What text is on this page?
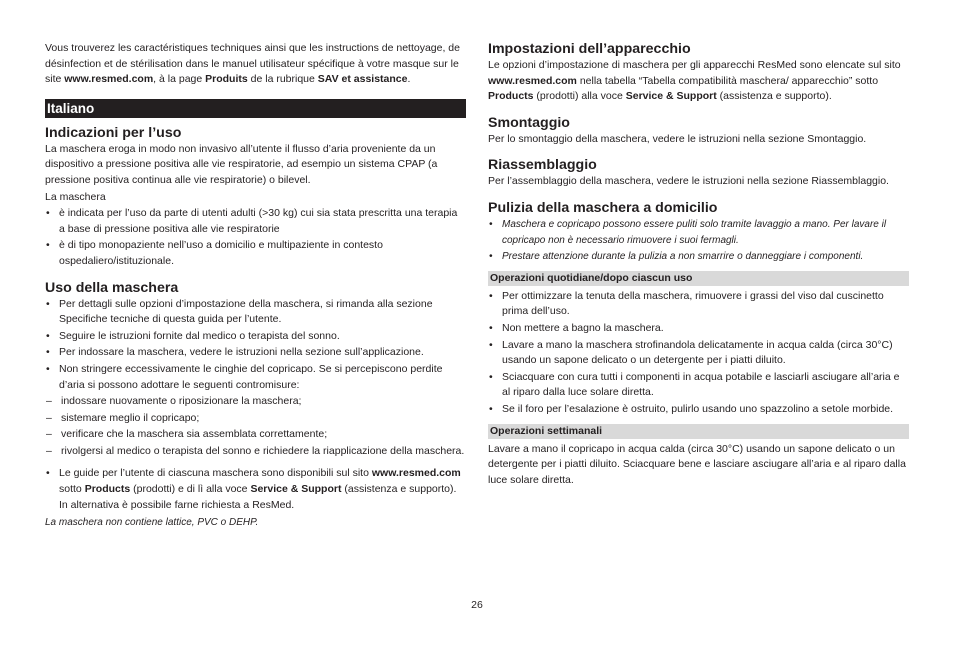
Vous trouverez les caractéristiques techniques ainsi que les instructions de nettoyage, de désinfection et de stérilisation dans le manuel utilisateur spécifique à votre masque sur le site www.resmed.com, à la page Produits de la rubrique SAV et assistance.

Italiano
Indicazioni per l’uso

La maschera eroga in modo non invasivo all’utente il flusso d’aria proveniente da un dispositivo a pressione positiva alle vie respiratorie, ad esempio un sistema CPAP (a pressione positiva continua alle vie respiratorie) o bilevel.

La maschera

• è indicata per l’uso da parte di utenti adulti (>30 kg) cui sia stata prescritta una terapia a base di pressione positiva alle vie respiratorie
• è di tipo monopaziente nell’uso a domicilio e multipaziente in contesto ospedaliero/istituzionale.
Uso della maschera
• Per dettagli sulle opzioni d’impostazione della maschera, si rimanda alla sezione Specifiche tecniche di questa guida per l’utente.
• Seguire le istruzioni fornite dal medico o terapista del sonno.
• Per indossare la maschera, vedere le istruzioni nella sezione sull’applicazione.
• Non stringere eccessivamente le cinghie del copricapo. Se si percepiscono perdite d’aria si possono adottare le seguenti contromisure:
– indossare nuovamente o riposizionare la maschera;
– sistemare meglio il copricapo;
– verificare che la maschera sia assemblata correttamente;
– rivolgersi al medico o terapista del sonno e richiedere la riapplicazione della maschera.
• Le guide per l’utente di ciascuna maschera sono disponibili sul sito www.resmed.com sotto Products (prodotti) e di lì alla voce Service & Support (assistenza e supporto). In alternativa è possibile farne richiesta a ResMed.

La maschera non contiene lattice, PVC o DEHP.

Impostazioni dell’apparecchio

Le opzioni d’impostazione di maschera per gli apparecchi ResMed sono elencate sul sito www.resmed.com nella tabella “Tabella compatibilità maschera/ apparecchio” sotto Products (prodotti) alla voce Service & Support (assistenza e supporto).

Smontaggio

Per lo smontaggio della maschera, vedere le istruzioni nella sezione Smontaggio.

Riassemblaggio

Per l’assemblaggio della maschera, vedere le istruzioni nella sezione Riassemblaggio.

Pulizia della maschera a domicilio
• Maschera e copricapo possono essere puliti solo tramite lavaggio a mano. Per lavare il copricapo non è necessario rimuovere i suoi fermagli.
• Prestare attenzione durante la pulizia a non smarrire o danneggiare i componenti.
Operazioni quotidiane/dopo ciascun uso
• Per ottimizzare la tenuta della maschera, rimuovere i grassi del viso dal cuscinetto prima dell’uso.
• Non mettere a bagno la maschera.
• Lavare a mano la maschera strofinandola delicatamente in acqua calda (circa 30°C) usando un sapone delicato o un detergente per i piatti diluito.
• Sciacquare con cura tutti i componenti in acqua potabile e lasciarli asciugare all’aria e al riparo dalla luce solare diretta.
• Se il foro per l’esalazione è ostruito, pulirlo usando uno spazzolino a setole morbide.
Operazioni settimanali

Lavare a mano il copricapo in acqua calda (circa 30°C) usando un sapone delicato o un detergente per i piatti diluito. Sciacquare bene e lasciare asciugare all’aria e al riparo dalla luce solare diretta.

26
